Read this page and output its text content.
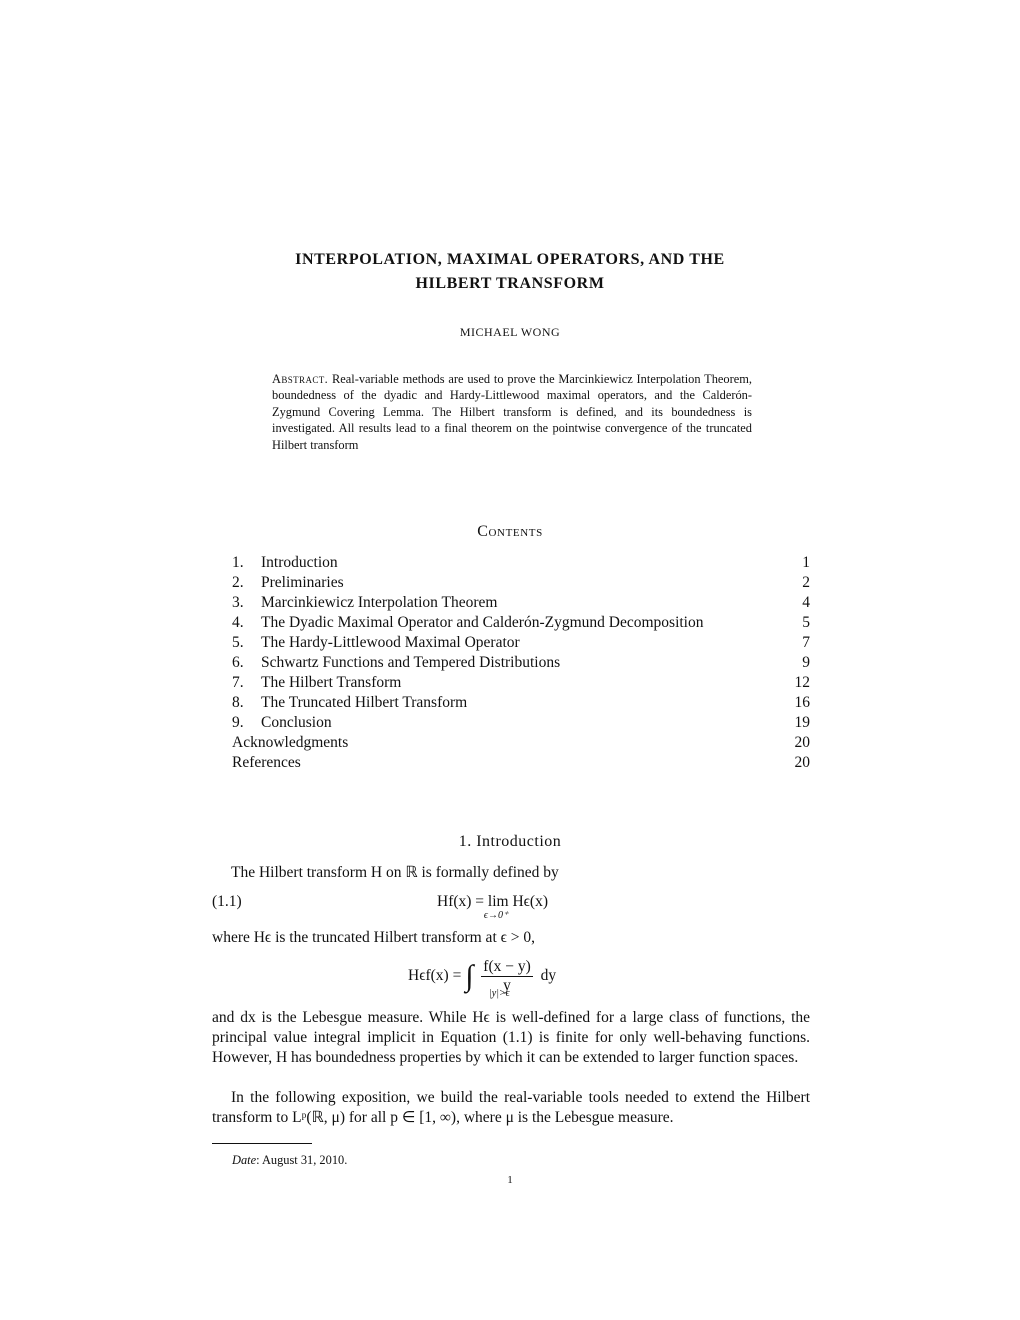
INTERPOLATION, MAXIMAL OPERATORS, AND THE
HILBERT TRANSFORM
MICHAEL WONG
Abstract. Real-variable methods are used to prove the Marcinkiewicz Interpolation Theorem, boundedness of the dyadic and Hardy-Littlewood maximal operators, and the Calderón-Zygmund Covering Lemma. The Hilbert transform is defined, and its boundedness is investigated. All results lead to a final theorem on the pointwise convergence of the truncated Hilbert transform
Contents
1. Introduction	1
2. Preliminaries	2
3. Marcinkiewicz Interpolation Theorem	4
4. The Dyadic Maximal Operator and Calderón-Zygmund Decomposition	5
5. The Hardy-Littlewood Maximal Operator	7
6. Schwartz Functions and Tempered Distributions	9
7. The Hilbert Transform	12
8. The Truncated Hilbert Transform	16
9. Conclusion	19
Acknowledgments	20
References	20
1. Introduction
The Hilbert transform H on ℝ is formally defined by
(1.1)	Hf(x) = lim
ϵ→0⁺
Hϵ(x)
where Hϵ is the truncated Hilbert transform at ϵ > 0,
Hϵf(x) = ∫
|y|>ϵ
$\frac{f(x - y)}{y}$ dy
and dx is the Lebesgue measure. While Hϵ is well-defined for a large class of functions, the principal value integral implicit in Equation (1.1) is finite for only well-behaving functions. However, H has boundedness properties by which it can be extended to larger function spaces.
In the following exposition, we build the real-variable tools needed to extend the Hilbert transform to Lᵖ(ℝ, μ) for all p ∈ [1, ∞), where μ is the Lebesgue measure.
Date: August 31, 2010.
1
